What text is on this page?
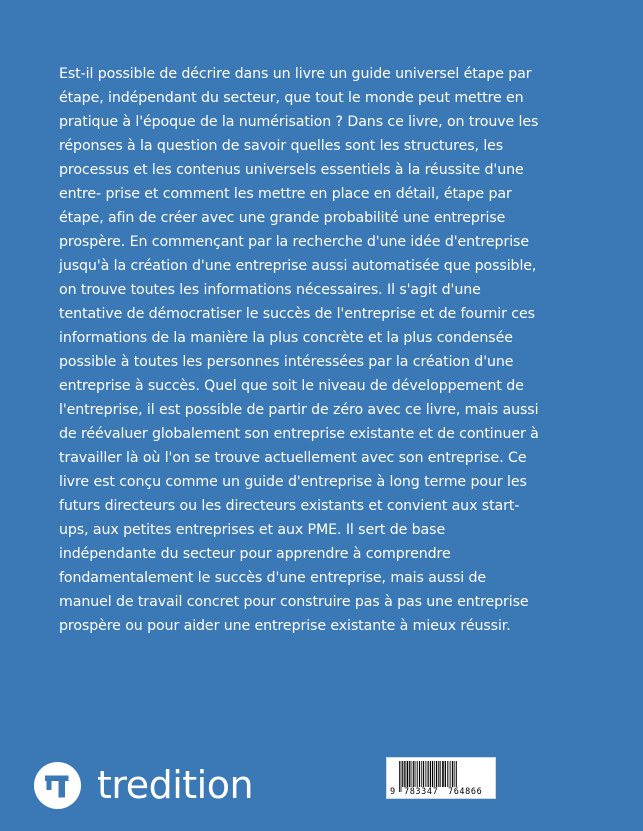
Est-il possible de décrire dans un livre un guide universel étape par
étape, indépendant du secteur, que tout le monde peut mettre en
pratique à l'époque de la numérisation ? Dans ce livre, on trouve les
réponses à la question de savoir quelles sont les structures, les
processus et les contenus universels essentiels à la réussite d'une
entre- prise et comment les mettre en place en détail, étape par
étape, afin de créer avec une grande probabilité une entreprise
prospère. En commençant par la recherche d'une idée d'entreprise
jusqu'à la création d'une entreprise aussi automatisée que possible,
on trouve toutes les informations nécessaires. Il s'agit d'une
tentative de démocratiser le succès de l'entreprise et de fournir ces
informations de la manière la plus concrète et la plus condensée
possible à toutes les personnes intéressées par la création d'une
entreprise à succès. Quel que soit le niveau de développement de
l'entreprise, il est possible de partir de zéro avec ce livre, mais aussi
de réévaluer globalement son entreprise existante et de continuer à
travailler là où l'on se trouve actuellement avec son entreprise. Ce
livre est conçu comme un guide d'entreprise à long terme pour les
futurs directeurs ou les directeurs existants et convient aux start-
ups, aux petites entreprises et aux PME. Il sert de base
indépendante du secteur pour apprendre à comprendre
fondamentalement le succès d'une entreprise, mais aussi de
manuel de travail concret pour construire pas à pas une entreprise
prospère ou pour aider une entreprise existante à mieux réussir.
tredition	9 783347 764866
